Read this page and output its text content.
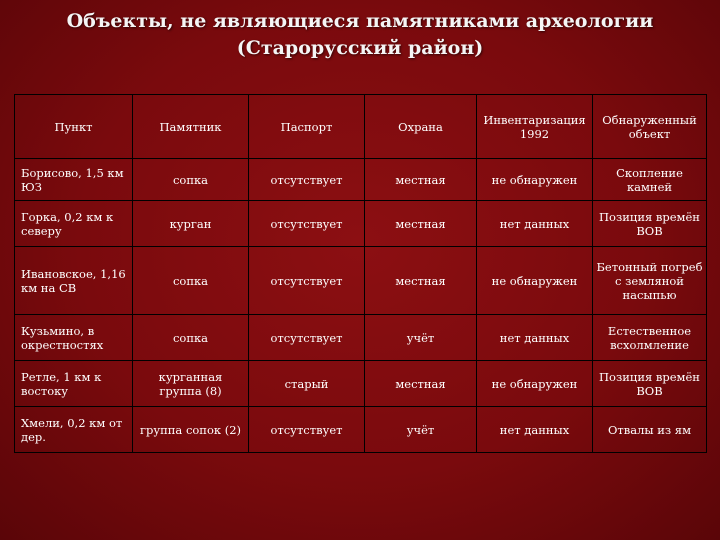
Объекты, не являющиеся памятниками археологии
(Старорусский район)
Пункт	Памятник	Паспорт	Охрана	Инвентаризация 1992	Обнаруженный объект
Борисово, 1,5 км ЮЗ	сопка	отсутствует	местная	не обнаружен	Скопление камней
Горка, 0,2 км к северу	курган	отсутствует	местная	нет данных	Позиция времён ВОВ
Ивановское, 1,16 км на СВ	сопка	отсутствует	местная	не обнаружен	Бетонный погреб с земляной насыпью
Кузьмино, в окрестностях	сопка	отсутствует	учёт	нет данных	Естественное всхолмление
Ретле, 1 км к востоку	курганная группа (8)	старый	местная	не обнаружен	Позиция времён ВОВ
Хмели, 0,2 км от дер.	группа сопок (2)	отсутствует	учёт	нет данных	Отвалы из ям
